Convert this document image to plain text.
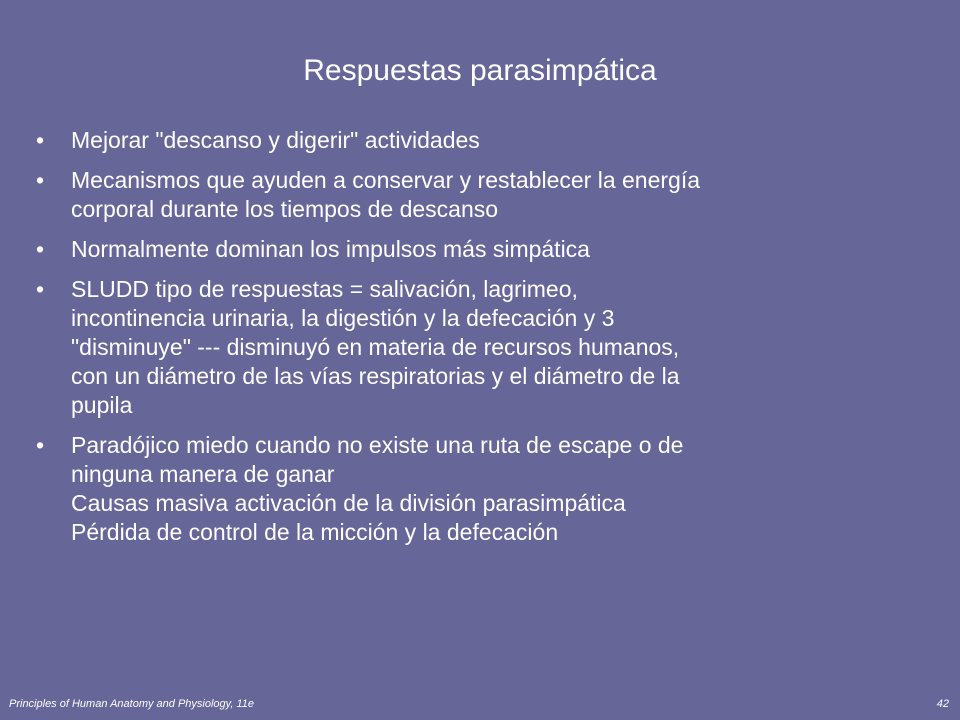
Respuestas parasimpática
• Mejorar "descanso y digerir" actividades
• Mecanismos que ayuden a conservar y restablecer la energía
corporal durante los tiempos de descanso
• Normalmente dominan los impulsos más simpática
• SLUDD tipo de respuestas = salivación, lagrimeo,
incontinencia urinaria, la digestión y la defecación y 3
"disminuye" --- disminuyó en materia de recursos humanos,
con un diámetro de las vías respiratorias y el diámetro de la
pupila
• Paradójico miedo cuando no existe una ruta de escape o de
ninguna manera de ganar
Causas masiva activación de la división parasimpática
Pérdida de control de la micción y la defecación
Principles of Human Anatomy and Physiology, 11e	42
